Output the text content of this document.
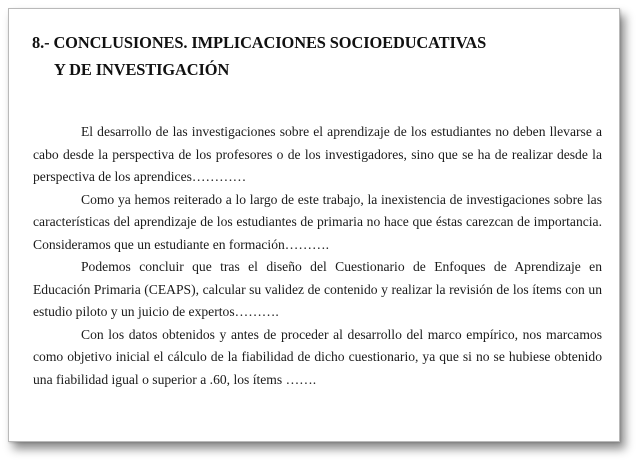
8.- CONCLUSIONES. IMPLICACIONES SOCIOEDUCATIVAS
Y DE INVESTIGACIÓN

El desarrollo de las investigaciones sobre el aprendizaje de los estudiantes no deben llevarse a cabo desde la perspectiva de los profesores o de los investigadores, sino que se ha de realizar desde la perspectiva de los aprendices…………

Como ya hemos reiterado a lo largo de este trabajo, la inexistencia de investigaciones sobre las características del aprendizaje de los estudiantes de primaria no hace que éstas carezcan de importancia. Consideramos que un estudiante en formación……….

Podemos concluir que tras el diseño del Cuestionario de Enfoques de Aprendizaje en Educación Primaria (CEAPS), calcular su validez de contenido y realizar la revisión de los ítems con un estudio piloto y un juicio de expertos……….

Con los datos obtenidos y antes de proceder al desarrollo del marco empírico, nos marcamos como objetivo inicial el cálculo de la fiabilidad de dicho cuestionario, ya que si no se hubiese obtenido una fiabilidad igual o superior a .60, los ítems …….
